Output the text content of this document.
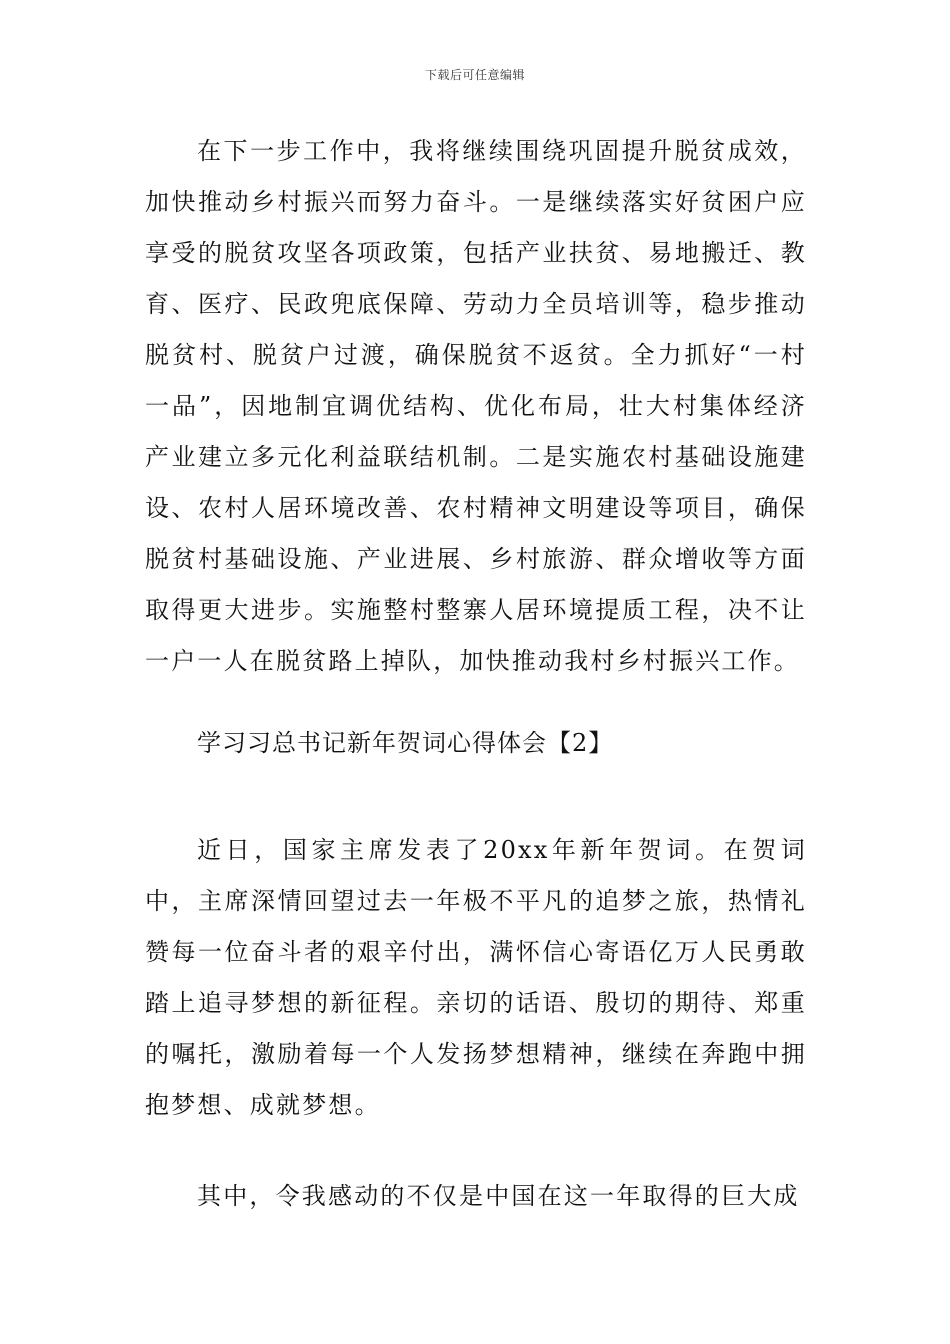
下载后可任意编辑

在下一步工作中，我将继续围绕巩固提升脱贫成效，加快推动乡村振兴而努力奋斗。一是继续落实好贫困户应享受的脱贫攻坚各项政策，包括产业扶贫、易地搬迁、教育、医疗、民政兜底保障、劳动力全员培训等，稳步推动脱贫村、脱贫户过渡，确保脱贫不返贫。全力抓好“一村一品”，因地制宜调优结构、优化布局，壮大村集体经济产业建立多元化利益联结机制。二是实施农村基础设施建设、农村人居环境改善、农村精神文明建设等项目，确保脱贫村基础设施、产业进展、乡村旅游、群众增收等方面取得更大进步。实施整村整寨人居环境提质工程，决不让一户一人在脱贫路上掉队，加快推动我村乡村振兴工作。

学习习总书记新年贺词心得体会【2】

近日，国家主席发表了20xx年新年贺词。在贺词中，主席深情回望过去一年极不平凡的追梦之旅，热情礼赞每一位奋斗者的艰辛付出，满怀信心寄语亿万人民勇敢踏上追寻梦想的新征程。亲切的话语、殷切的期待、郑重的嘱托，激励着每一个人发扬梦想精神，继续在奔跑中拥抱梦想、成就梦想。

其中，令我感动的不仅是中国在这一年取得的巨大成
